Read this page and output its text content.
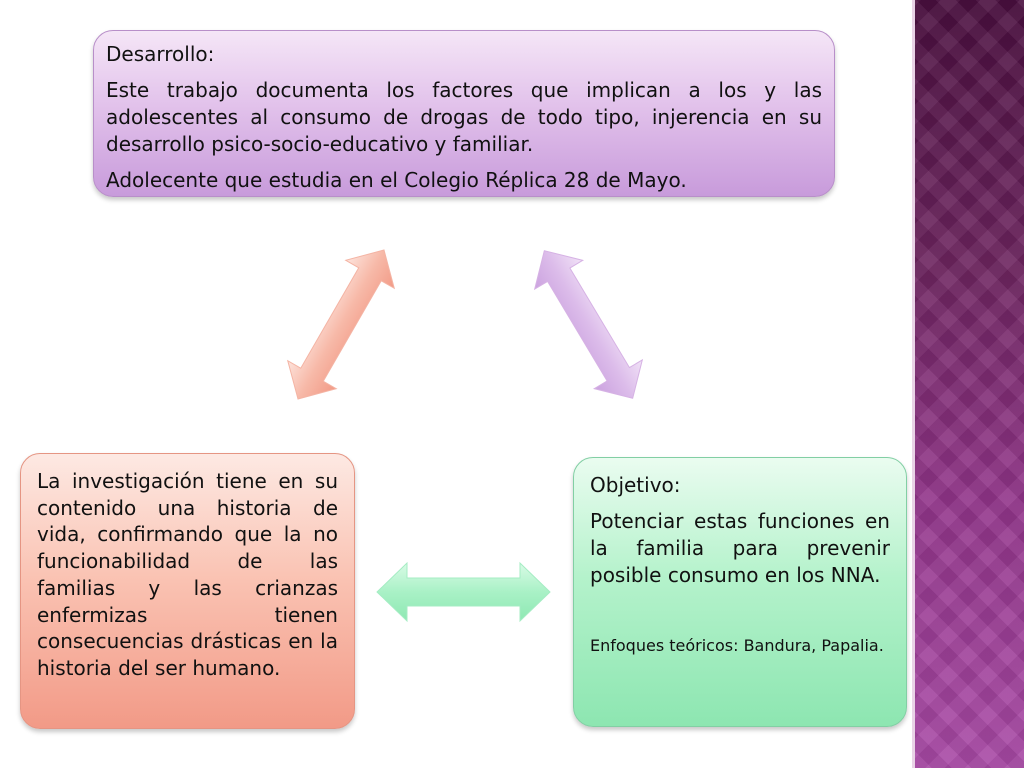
Desarrollo:

Este trabajo documenta los factores que implican a los y las adolescentes al consumo de drogas de todo tipo, injerencia en su desarrollo psico-socio-educativo y familiar.

Adolecente que estudia en el Colegio Réplica 28 de Mayo.

La investigación tiene en su contenido una historia de vida, confirmando que la no funcionabilidad de las familias y las crianzas enfermizas tienen consecuencias drásticas en la historia del ser humano.

Objetivo:

Potenciar estas funciones en la familia para prevenir posible consumo en los NNA.

Enfoques teóricos: Bandura, Papalia.
